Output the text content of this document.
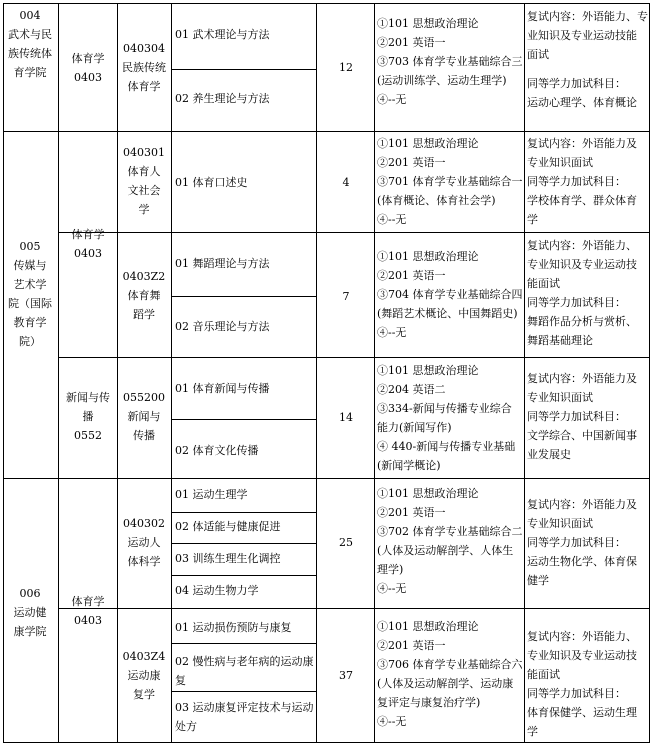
004
武术与民
族传统体
育学院
体育学
0403
040304
民族传统
体育学
01 武术理论与方法
02 养生理论与方法
12
①101 思想政治理论
②201 英语一
③703 体育学专业基础综合三
(运动训练学、运动生理学)
④--无
复试内容：外语能力、专
业知识及专业运动技能
面试
同等学力加试科目：
运动心理学、体育概论
005
传媒与
艺术学
院（国际
教育学
院）
体育学
0403
040301
体育人
文社会
学
01 体育口述史	4
①101 思想政治理论
②201 英语一
③701 体育学专业基础综合一
(体育概论、体育社会学)
④--无
复试内容：外语能力及
专业知识面试
同等学力加试科目：
学校体育学、群众体育
学
0403Z2
体育舞
蹈学
01 舞蹈理论与方法
02 音乐理论与方法
7
①101 思想政治理论
②201 英语一
③704 体育学专业基础综合四
(舞蹈艺术概论、中国舞蹈史)
④--无
复试内容：外语能力、
专业知识及专业运动技
能面试
同等学力加试科目：
舞蹈作品分析与赏析、
舞蹈基础理论
新闻与传
播
0552
055200
新闻与
传播
01 体育新闻与传播
02 体育文化传播
14
①101 思想政治理论
②204 英语二
③334-新闻与传播专业综合
能力(新闻写作)
④ 440-新闻与传播专业基础
(新闻学概论)
复试内容：外语能力及
专业知识面试
同等学力加试科目：
文学综合、中国新闻事
业发展史
006
运动健
康学院
体育学
0403
040302
运动人
体科学
01 运动生理学
02 体适能与健康促进
03 训练生理生化调控
04 运动生物力学
25
①101 思想政治理论
②201 英语一
③702 体育学专业基础综合二
(人体及运动解剖学、人体生
理学)
④--无
复试内容：外语能力及
专业知识面试
同等学力加试科目：
运动生物化学、体育保
健学
0403Z4
运动康
复学
01 运动损伤预防与康复
02 慢性病与老年病的运动康
复
03 运动康复评定技术与运动
处方
37
①101 思想政治理论
②201 英语一
③706 体育学专业基础综合六
(人体及运动解剖学、运动康
复评定与康复治疗学)
④--无
复试内容：外语能力、
专业知识及专业运动技
能面试
同等学力加试科目：
体育保健学、运动生理
学
